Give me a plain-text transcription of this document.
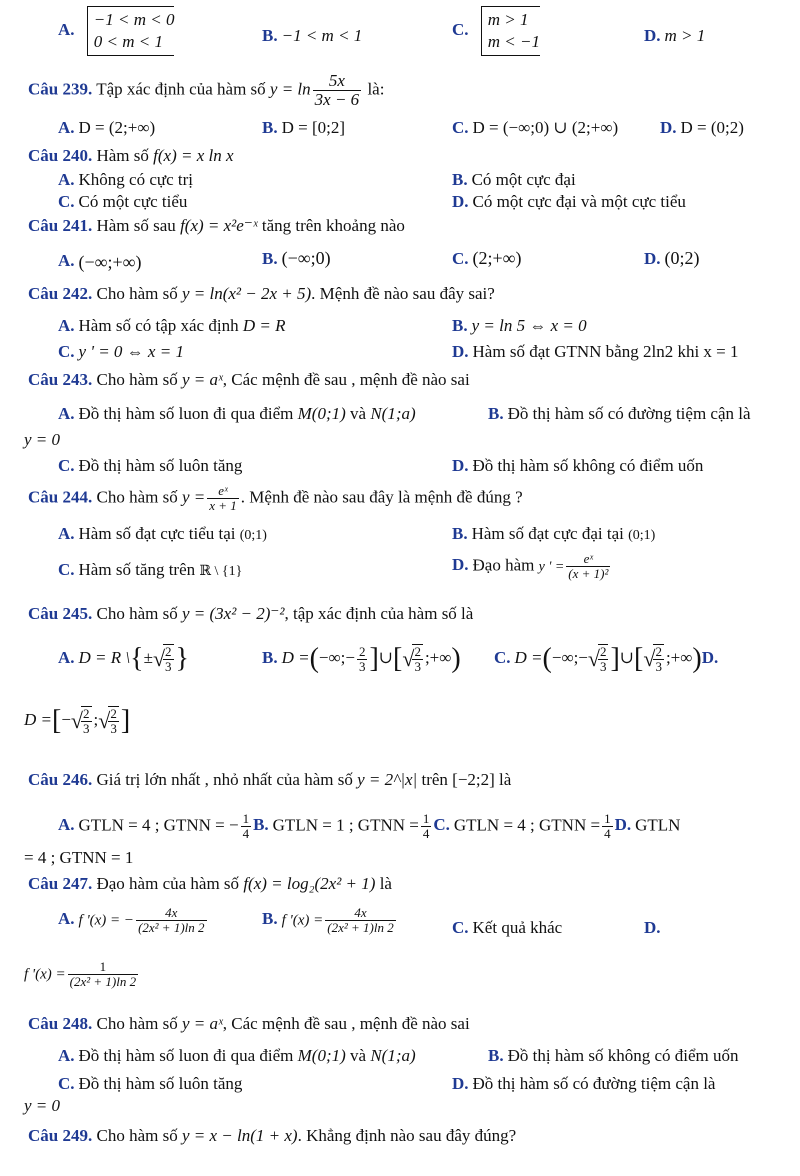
A.
−1 < m < 0
0 < m < 1	B. −1 < m < 1	C.
m > 1
m < −1	D. m > 1
Câu 239. Tập xác định của hàm số $y = \ln \frac{5x}{3x - 6}$ là:
A. D = (2;+∞)	B. D = [0;2]	C. D = (−∞;0) ∪ (2;+∞) D. D = (0;2)
Câu 240. Hàm số f(x) = x ln x
A. Không có cực trị	B. Có một cực đại
C. Có một cực tiểu	D. Có một cực đại và một cực tiểu
Câu 241. Hàm số sau f(x) = x²e⁻ˣ tăng trên khoảng nào
A. (−∞;+∞)	B. (−∞;0)	C. (2;+∞)	D. (0;2)
Câu 242. Cho hàm số y = ln(x² − 2x + 5). Mệnh đề nào sau đây sai?
A. Hàm số có tập xác định D = R	B. y = ln 5 ⇔ x = 0
C. y ' = 0 ⇔ x = 1	D. Hàm số đạt GTNN bằng 2ln2 khi x = 1
Câu 243. Cho hàm số y = aˣ, Các mệnh đề sau , mệnh đề nào sai
A. Đồ thị hàm số luon đi qua điểm M(0;1) và N(1;a)	B. Đồ thị hàm số có đường tiệm cận là
y = 0
C. Đồ thị hàm số luôn tăng	D. Đồ thị hàm số không có điểm uốn
Câu 244. Cho hàm số $y = \frac{\text{eˣ}}{x + 1}$ . Mệnh đề nào sau đây là mệnh đề đúng ?
A. Hàm số đạt cực tiểu tại (0;1)	B. Hàm số đạt cực đại tại (0;1)
C. Hàm số tăng trên ℝ \ {1}	D. Đạo hàm y ' = $\frac{\text{eˣ}}{\text{(x + 1)²}}$
Câu 245. Cho hàm số y = (3x² − 2)⁻², tập xác định của hàm số là
A. D = R \{±√
$\frac{2}{3}$ }	B. D =(−∞;− $\frac{2}{3}$ ]∪[√
$\frac{2}{3}$ ;+∞) C. D =(−∞;−√
$\frac{2}{3}$ ]∪[√
$\frac{2}{3}$ ;+∞)D.
D =[−√
$\frac{2}{3}$ ;√
$\frac{2}{3}$ ]
Câu 246. Giá trị lớn nhất , nhỏ nhất của hàm số y = 2^|x| trên [−2;2] là
A. GTLN = 4 ; GTNN = − $\frac{1}{4} B$. GTLN = 1 ; GTNN = $\frac{1}{4} C$. GTLN = 4 ; GTNN = $\frac{1}{4} D$. GTLN
= 4 ; GTNN = 1
Câu 247. Đạo hàm của hàm số f(x) = log₂(2x² + 1) là
A. f '(x) = − $\frac{4x}{\text{(2x² + 1)ln 2}}$	B. f '$(x) = \frac{4x}{\text{(2x² + 1)ln 2}}$	C. Kết quả khác	D.
f '$(x) = \frac{1}{\text{(2x² + 1)ln 2}}$
Câu 248. Cho hàm số y = aˣ, Các mệnh đề sau , mệnh đề nào sai
A. Đồ thị hàm số luon đi qua điểm M(0;1) và N(1;a)	B. Đồ thị hàm số không có điểm uốn
C. Đồ thị hàm số luôn tăng	D. Đồ thị hàm số có đường tiệm cận là
y = 0
Câu 249. Cho hàm số y = x − ln(1 + x). Khẳng định nào sau đây đúng?
